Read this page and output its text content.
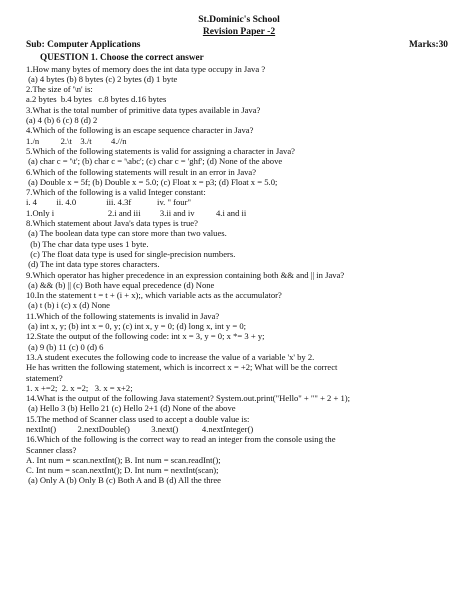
St.Dominic's School
Revision Paper -2
Sub: Computer Applications	Marks:30
QUESTION 1. Choose the correct answer
1.How many bytes of memory does the int data type occupy in Java ?
(a) 4 bytes (b) 8 bytes (c) 2 bytes (d) 1 byte
2.The size of '\n' is:
a.2 bytes  b.4 bytes   c.8 bytes d.16 bytes
3.What is the total number of primitive data types available in Java?
(a) 4 (b) 6 (c) 8 (d) 2
4.Which of the following is an escape sequence character in Java?
1./n          2.\t    3./t         4.//n
5.Which of the following statements is valid for assigning a character in Java?
(a) char c = '\t'; (b) char c = '\abc'; (c) char c = 'ghf'; (d) None of the above
6.Which of the following statements will result in an error in Java?
(a) Double x = 5f; (b) Double x = 5.0; (c) Float x = p3; (d) Float x = 5.0;
7.Which of the following is a valid Integer constant:
i. 4         ii. 4.0              iii. 4.3f            iv. " four"
1.Only i                         2.i and iii         3.ii and iv          4.i and ii
8.Which statement about Java's data types is true?
(a) The boolean data type can store more than two values.
(b) The char data type uses 1 byte.
(c) The float data type is used for single-precision numbers.
(d) The int data type stores characters.
9.Which operator has higher precedence in an expression containing both && and || in Java?
(a) && (b) || (c) Both have equal precedence (d) None
10.In the statement t = t + (i + x);, which variable acts as the accumulator?
(a) t (b) i (c) x (d) None
11.Which of the following statements is invalid in Java?
(a) int x, y; (b) int x = 0, y; (c) int x, y = 0; (d) long x, int y = 0;
12.State the output of the following code: int x = 3, y = 0; x *= 3 + y;
(a) 9 (b) 11 (c) 0 (d) 6
13.A student executes the following code to increase the value of a variable 'x' by 2.
He has written the following statement, which is incorrect x = +2; What will be the correct
statement?
1. x +=2;  2. x =2;   3. x = x+2;
14.What is the output of the following Java statement? System.out.print("Hello" + "" + 2 + 1);
(a) Hello 3 (b) Hello 21 (c) Hello 2+1 (d) None of the above
15.The method of Scanner class used to accept a double value is:
nextInt()          2.nextDouble()          3.next()           4.nextInteger()
16.Which of the following is the correct way to read an integer from the console using the
Scanner class?
A. Int num = scan.nextInt(); B. Int num = scan.readInt();
C. Int num = scan.nextInt(); D. Int num = nextInt(scan);
(a) Only A (b) Only B (c) Both A and B (d) All the three
